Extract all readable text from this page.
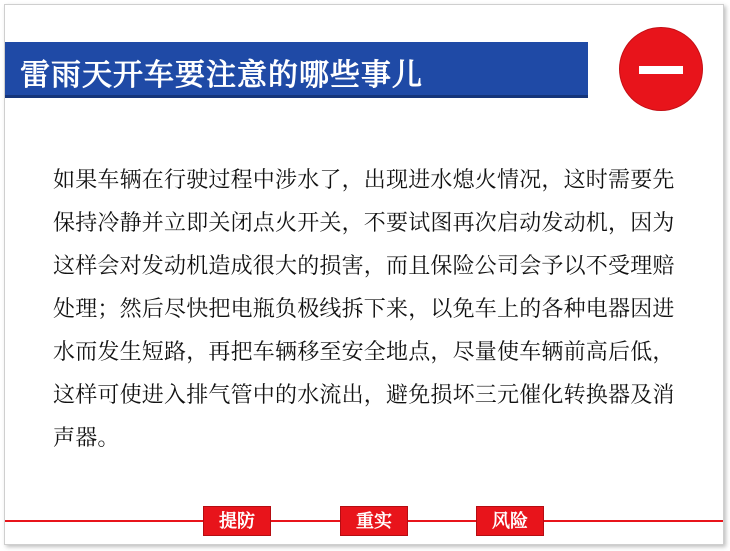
雷雨天开车要注意的哪些事儿
如果车辆在行驶过程中涉水了，出现进水熄火情况，这时需要先保持冷静并立即关闭点火开关，不要试图再次启动发动机，因为这样会对发动机造成很大的损害，而且保险公司会予以不受理赔处理；然后尽快把电瓶负极线拆下来，以免车上的各种电器因进水而发生短路，再把车辆移至安全地点，尽量使车辆前高后低，这样可使进入排气管中的水流出，避免损坏三元催化转换器及消声器。
提防	重实	风险
